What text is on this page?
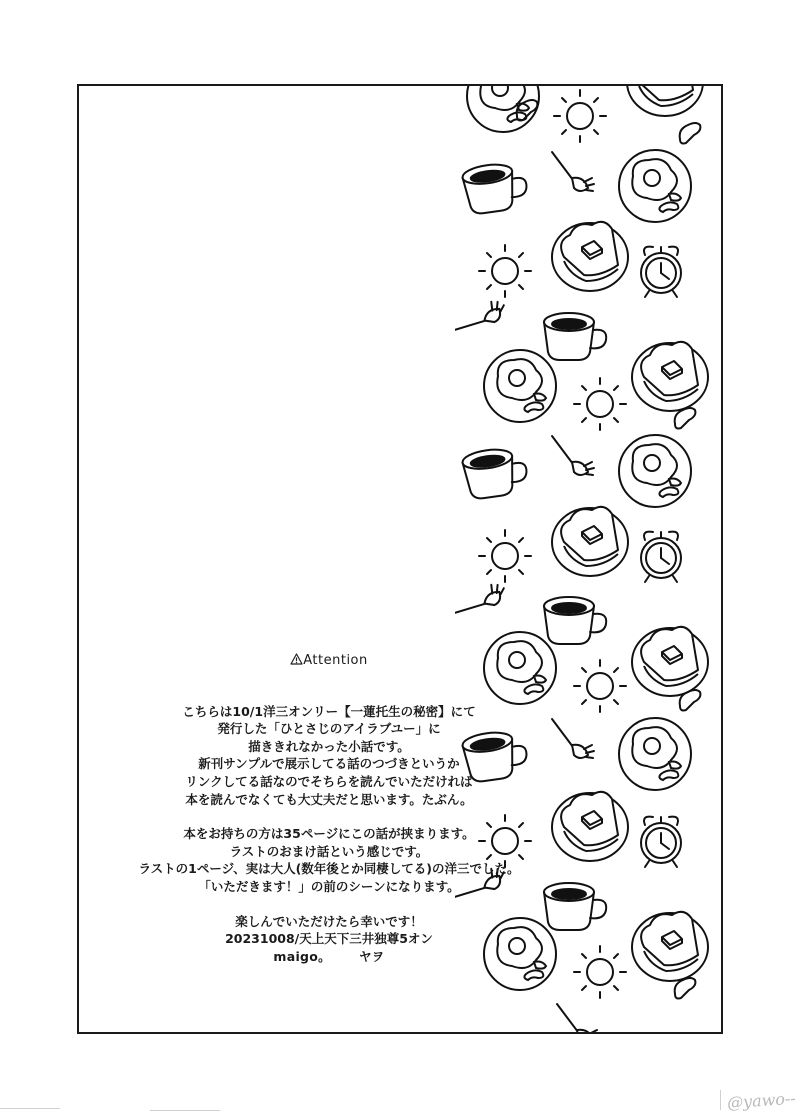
Attention

こちらは10/1洋三オンリー【一蓮托生の秘密】にて

発行した「ひとさじのアイラブユー」に

描ききれなかった小話です。

新刊サンプルで展示してる話のつづきというか

リンクしてる話なのでそちらを読んでいただければ

本を読んでなくても大丈夫だと思います。たぶん。

本をお持ちの方は35ページにこの話が挟まります。

ラストのおまけ話という感じです。

ラストの1ページ、実は大人(数年後とか同棲してる)の洋三でした。

「いただきます！」の前のシーンになります。

楽しんでいただけたら幸いです！

20231008/天上天下三井独尊5オン

maigo。 ヤヲ

@yawo--
